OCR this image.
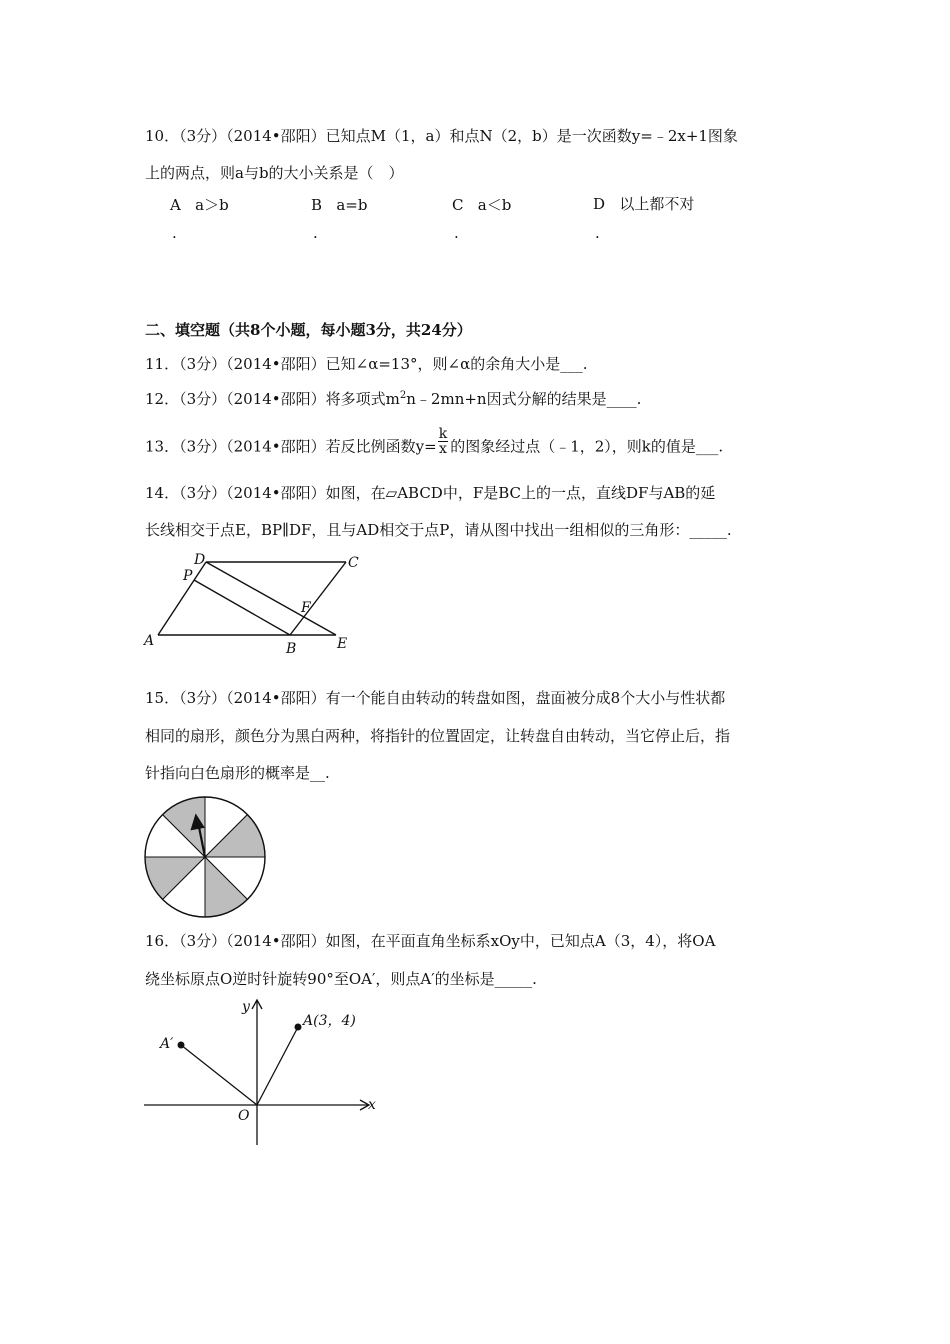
10．（3分）（2014•邵阳）已知点M（1，a）和点N（2，b）是一次函数y=﹣2x+1图象
上的两点，则a与b的大小关系是（　）
A a＞b	B a=b	C a＜b	D 以上都不对
.	.	.	.
二、填空题（共8个小题，每小题3分，共24分）
11．（3分）（2014•邵阳）已知∠α=13°，则∠α的余角大小是___.
12．（3分）（2014•邵阳）将多项式$m^2n﹣2mn+n$因式分解的结果是____.
13．（3分）（2014•邵阳）若反比例函数$y= \frac{k}{x}$ 的图象经过点（﹣1，2），则k的值是___.
14．（3分）（2014•邵阳）如图，在▱ABCD中，F是BC上的一点，直线DF与AB的延
长线相交于点E，BP∥DF，且与AD相交于点P，请从图中找出一组相似的三角形：_____.
A	B
C
D
E
F
P
15．（3分）（2014•邵阳）有一个能自由转动的转盘如图，盘面被分成8个大小与性状都
相同的扇形，颜色分为黑白两种，将指针的位置固定，让转盘自由转动，当它停止后，指
针指向白色扇形的概率是__.
16．（3分）（2014•邵阳）如图，在平面直角坐标系xOy中，已知点A（3，4），将OA
绕坐标原点O逆时针旋转90°至OA′，则点A′的坐标是_____.
y
x
O
A(3，4)
A′
